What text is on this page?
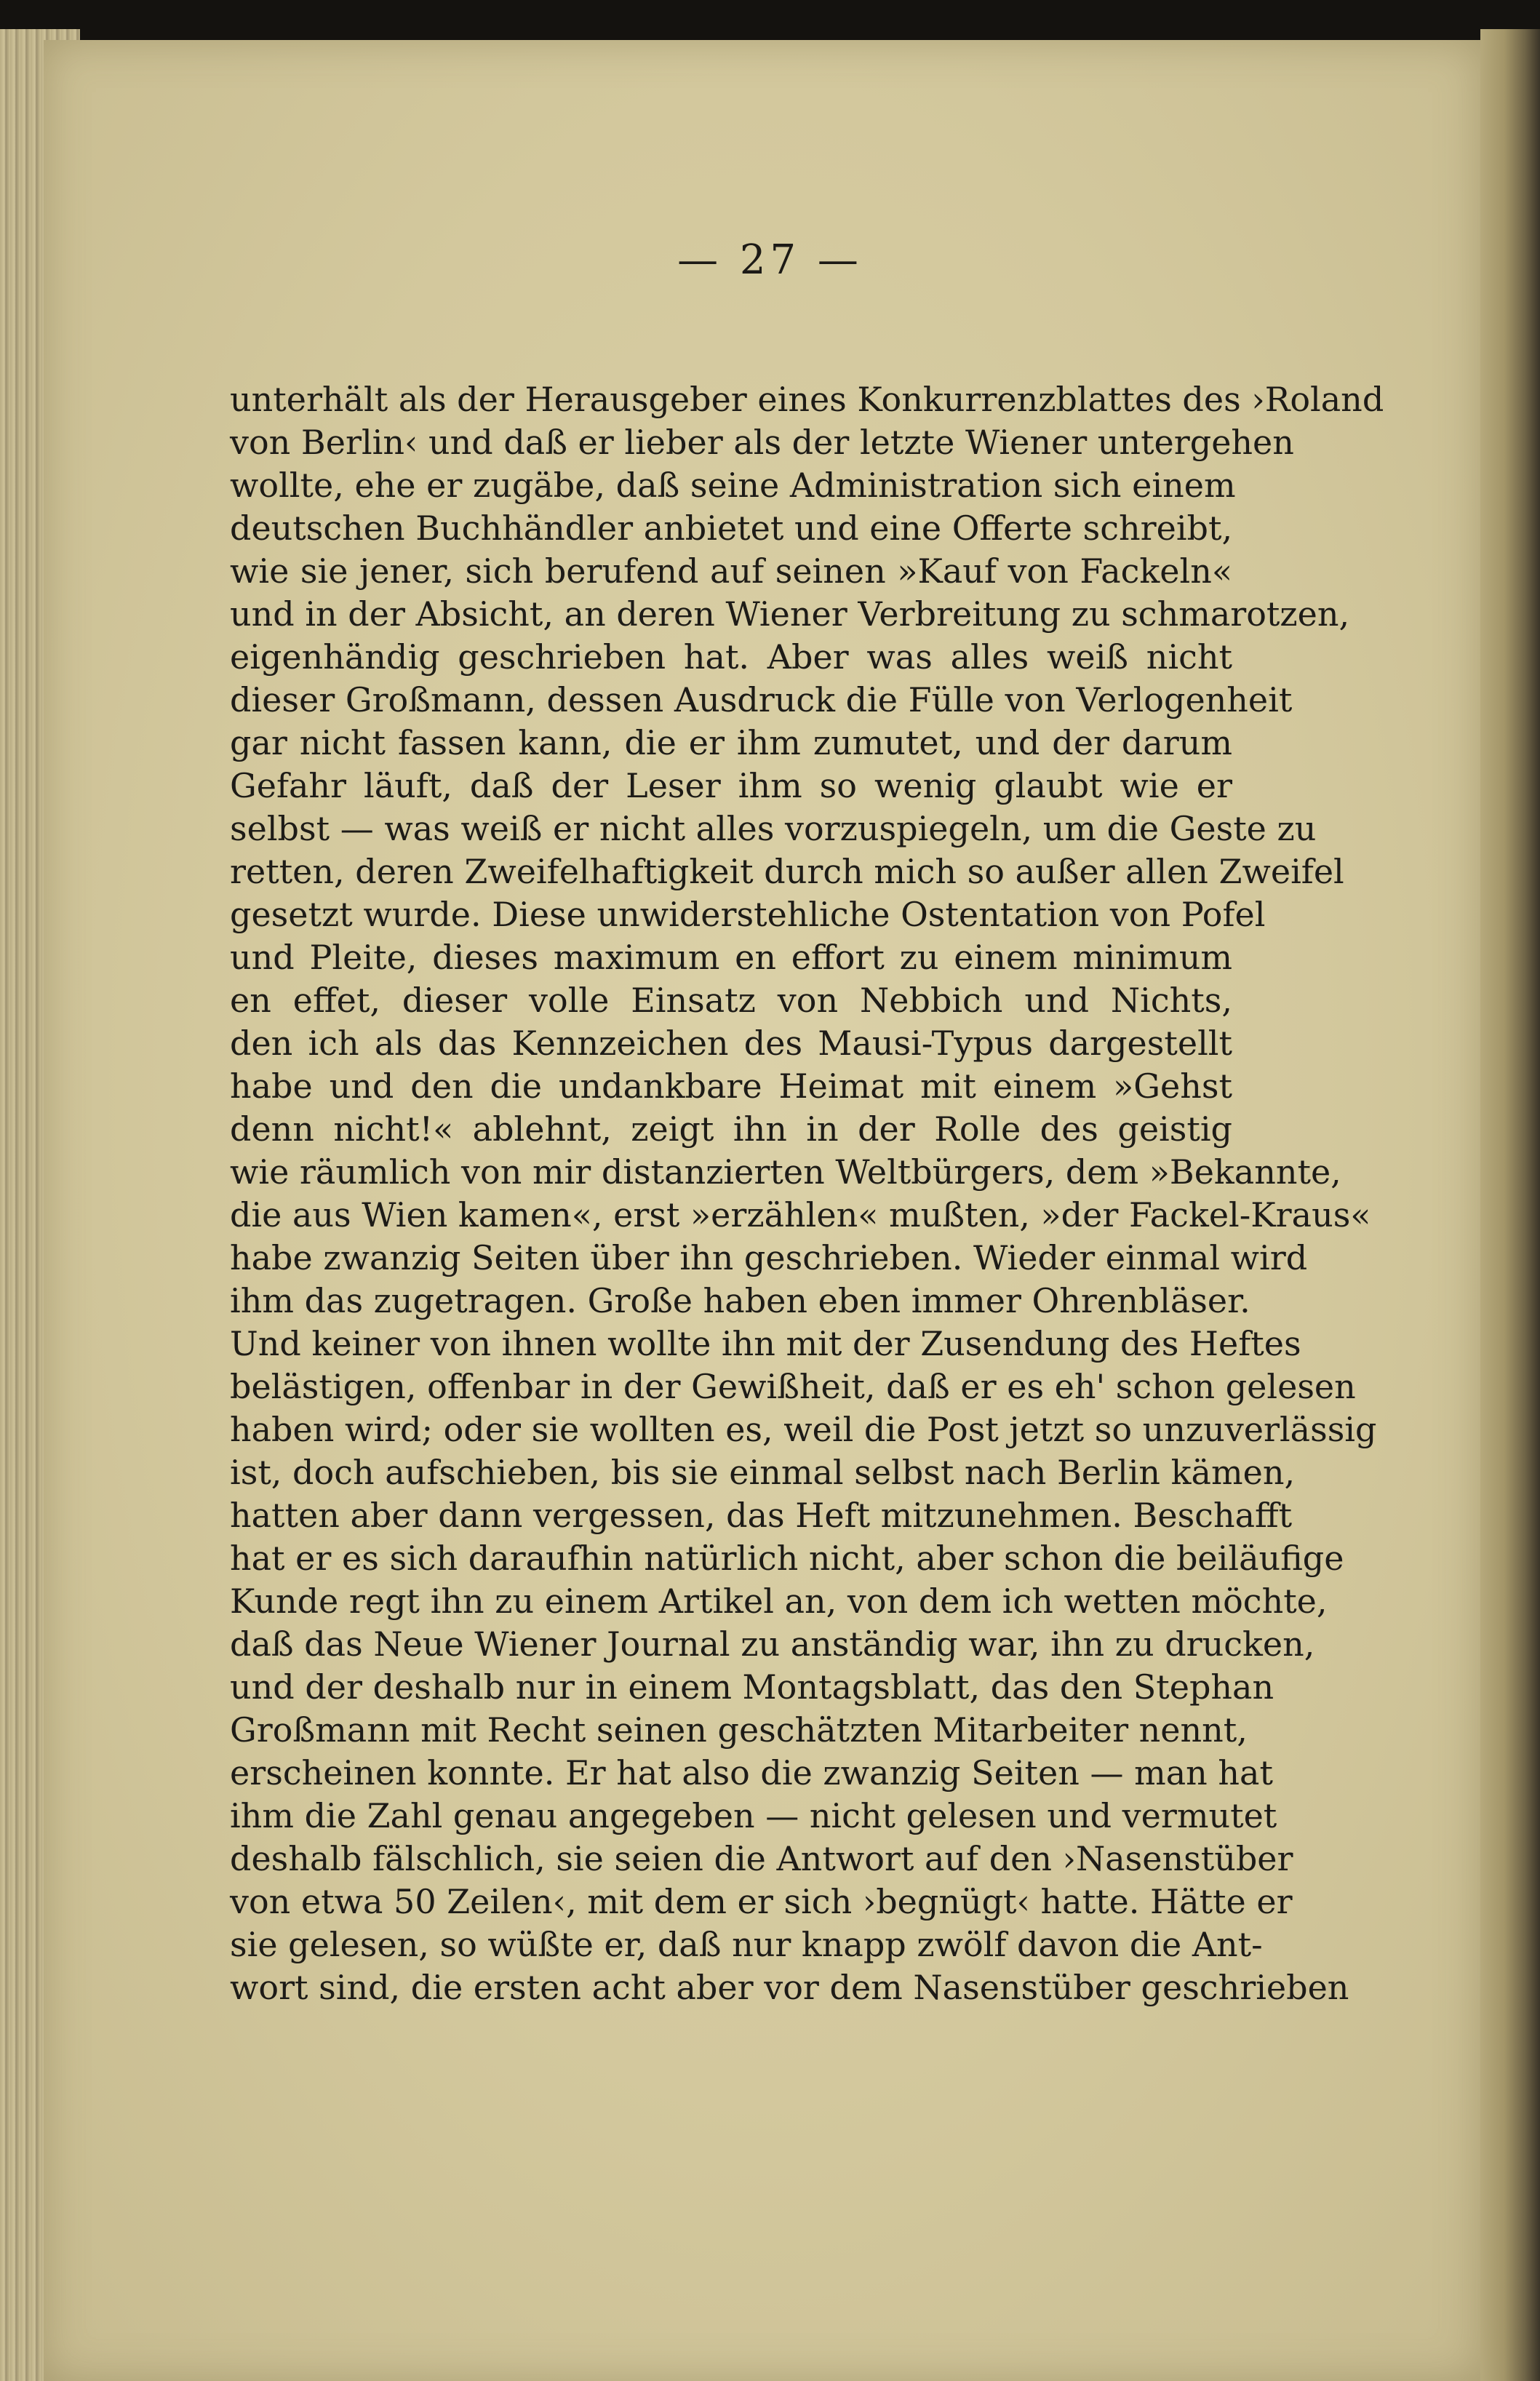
— 27 —
unterhält als der Herausgeber eines Konkurrenzblattes des ›Roland
von Berlin‹ und daß er lieber als der letzte Wiener untergehen
wollte, ehe er zugäbe, daß seine Administration sich einem
deutschen Buchhändler anbietet und eine Offerte schreibt,
wie sie jener, sich berufend auf seinen »Kauf von Fackeln«
und in der Absicht, an deren Wiener Verbreitung zu schmarotzen,
eigenhändig geschrieben hat. Aber was alles weiß nicht
dieser Großmann, dessen Ausdruck die Fülle von Verlogenheit
gar nicht fassen kann, die er ihm zumutet, und der darum
Gefahr läuft, daß der Leser ihm so wenig glaubt wie er
selbst — was weiß er nicht alles vorzuspiegeln, um die Geste zu
retten, deren Zweifelhaftigkeit durch mich so außer allen Zweifel
gesetzt wurde. Diese unwiderstehliche Ostentation von Pofel
und Pleite, dieses maximum en effort zu einem minimum
en effet, dieser volle Einsatz von Nebbich und Nichts,
den ich als das Kennzeichen des Mausi-Typus dargestellt
habe und den die undankbare Heimat mit einem »Gehst
denn nicht!« ablehnt, zeigt ihn in der Rolle des geistig
wie räumlich von mir distanzierten Weltbürgers, dem »Bekannte,
die aus Wien kamen«, erst »erzählen« mußten, »der Fackel-Kraus«
habe zwanzig Seiten über ihn geschrieben. Wieder einmal wird
ihm das zugetragen. Große haben eben immer Ohrenbläser.
Und keiner von ihnen wollte ihn mit der Zusendung des Heftes
belästigen, offenbar in der Gewißheit, daß er es eh' schon gelesen
haben wird; oder sie wollten es, weil die Post jetzt so unzuverlässig
ist, doch aufschieben, bis sie einmal selbst nach Berlin kämen,
hatten aber dann vergessen, das Heft mitzunehmen. Beschafft
hat er es sich daraufhin natürlich nicht, aber schon die beiläufige
Kunde regt ihn zu einem Artikel an, von dem ich wetten möchte,
daß das Neue Wiener Journal zu anständig war, ihn zu drucken,
und der deshalb nur in einem Montagsblatt, das den Stephan
Großmann mit Recht seinen geschätzten Mitarbeiter nennt,
erscheinen konnte. Er hat also die zwanzig Seiten — man hat
ihm die Zahl genau angegeben — nicht gelesen und vermutet
deshalb fälschlich, sie seien die Antwort auf den ›Nasenstüber
von etwa 50 Zeilen‹, mit dem er sich ›begnügt‹ hatte. Hätte er
sie gelesen, so wüßte er, daß nur knapp zwölf davon die Ant-
wort sind, die ersten acht aber vor dem Nasenstüber geschrieben
